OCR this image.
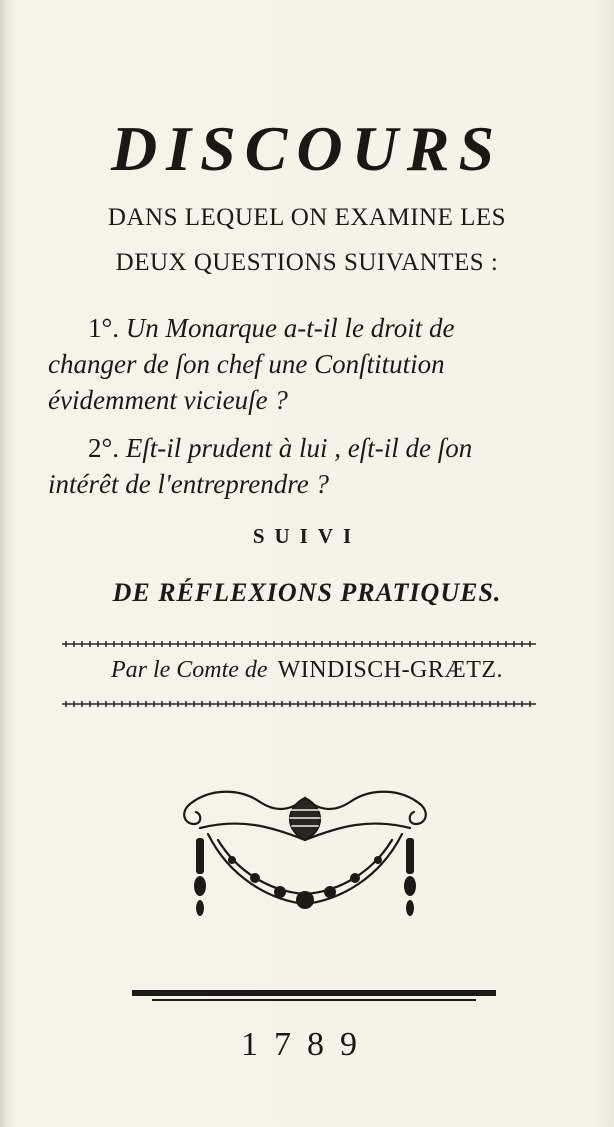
DISCOURS
DANS LEQUEL ON EXAMINE LES
DEUX QUESTIONS SUIVANTES :
1°. Un Monarque a-t-il le droit de
changer de ſon chef une Conſtitution
évidemment vicieuſe ?
2°. Eſt-il prudent à lui , eſt-il de ſon
intérêt de l'entreprendre ?
SUIVI
DE RÉFLEXIONS PRATIQUES.
Par le Comte de WINDISCH-GRÆTZ.
1789
